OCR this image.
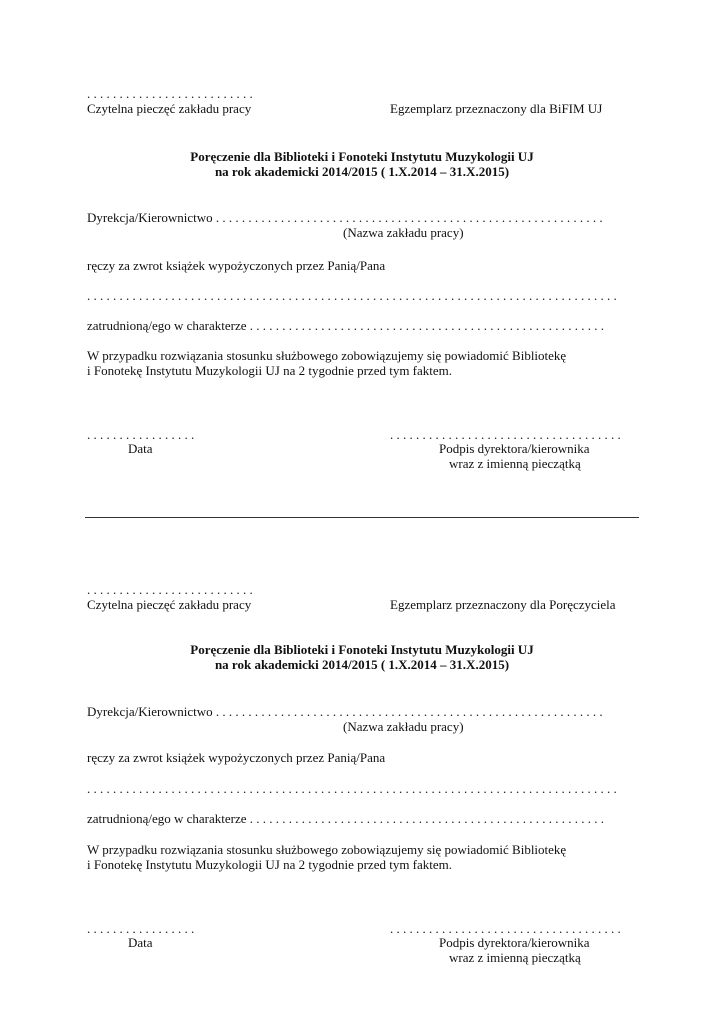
. . . . . . . . . . . . . . . . . . . . . . . . . .
Czytelna pieczęć zakładu pracy	Egzemplarz przeznaczony dla BiFIM UJ
Poręczenie dla Biblioteki i Fonoteki Instytutu Muzykologii UJ
na rok akademicki 2014/2015 ( 1.X.2014 – 31.X.2015)
Dyrekcja/Kierownictwo . . . . . . . . . . . . . . . . . . . . . . . . . . . . . . . . . . . . . . . . . . . . . . . . . . . . . . . . . . . .
(Nazwa zakładu pracy)
ręczy za zwrot książek wypożyczonych przez Panią/Pana
. . . . . . . . . . . . . . . . . . . . . . . . . . . . . . . . . . . . . . . . . . . . . . . . . . . . . . . . . . . . . . . . . . . . . . . . . . . . . . . . . .
zatrudnioną/ego w charakterze . . . . . . . . . . . . . . . . . . . . . . . . . . . . . . . . . . . . . . . . . . . . . . . . . . . . . . .
W przypadku rozwiązania stosunku służbowego zobowiązujemy się powiadomić Bibliotekę
i Fonotekę Instytutu Muzykologii UJ na 2 tygodnie przed tym faktem.
. . . . . . . . . . . . . . . . .
Data
. . . . . . . . . . . . . . . . . . . . . . . . . . . . . . . . . . . .
Podpis dyrektora/kierownika
wraz z imienną pieczątką
. . . . . . . . . . . . . . . . . . . . . . . . . .
Czytelna pieczęć zakładu pracy	Egzemplarz przeznaczony dla Poręczyciela
Poręczenie dla Biblioteki i Fonoteki Instytutu Muzykologii UJ
na rok akademicki 2014/2015 ( 1.X.2014 – 31.X.2015)
Dyrekcja/Kierownictwo . . . . . . . . . . . . . . . . . . . . . . . . . . . . . . . . . . . . . . . . . . . . . . . . . . . . . . . . . . . .
(Nazwa zakładu pracy)
ręczy za zwrot książek wypożyczonych przez Panią/Pana
. . . . . . . . . . . . . . . . . . . . . . . . . . . . . . . . . . . . . . . . . . . . . . . . . . . . . . . . . . . . . . . . . . . . . . . . . . . . . . . . . .
zatrudnioną/ego w charakterze . . . . . . . . . . . . . . . . . . . . . . . . . . . . . . . . . . . . . . . . . . . . . . . . . . . . . . .
W przypadku rozwiązania stosunku służbowego zobowiązujemy się powiadomić Bibliotekę
i Fonotekę Instytutu Muzykologii UJ na 2 tygodnie przed tym faktem.
. . . . . . . . . . . . . . . . .
Data
. . . . . . . . . . . . . . . . . . . . . . . . . . . . . . . . . . . .
Podpis dyrektora/kierownika
wraz z imienną pieczątką
